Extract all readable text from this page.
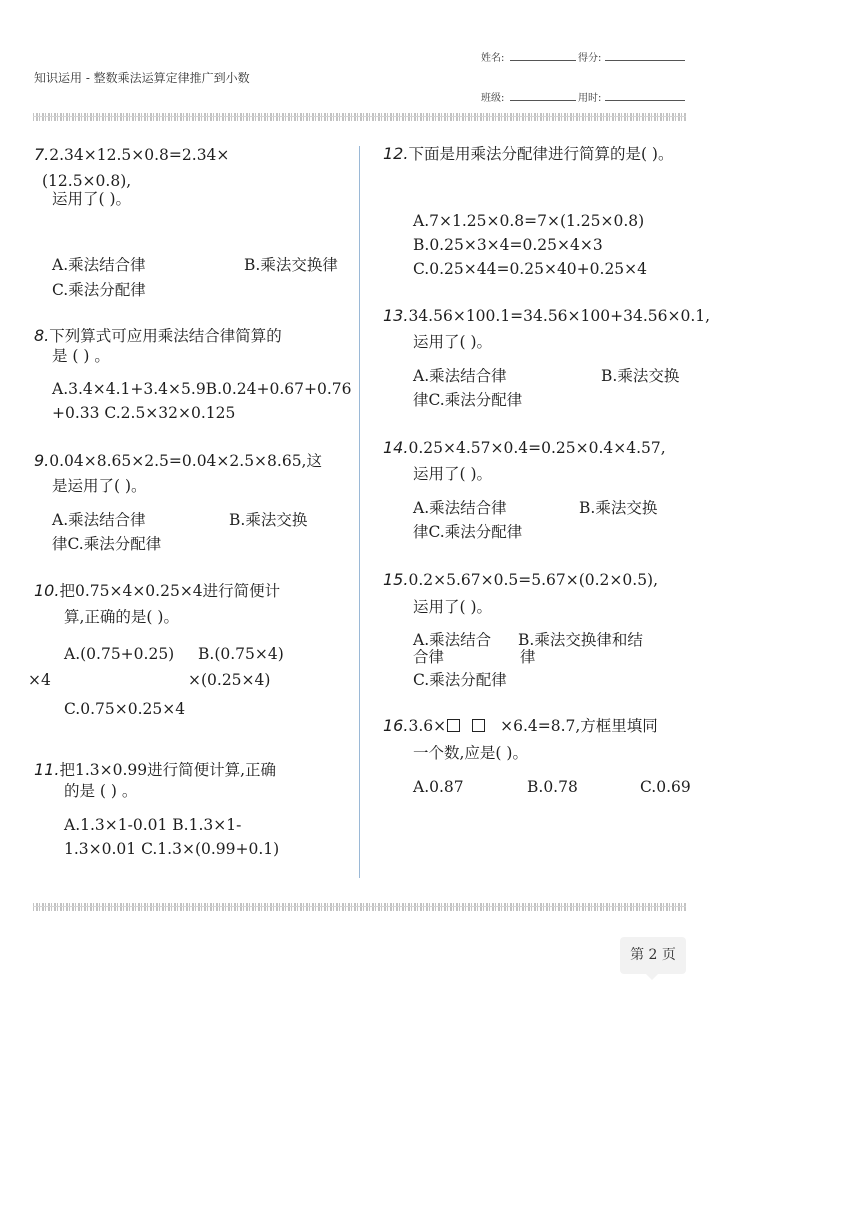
知识运用 - 整数乘法运算定律推广到小数
姓名:	得分:
班级:	用时:
7.2.34×12.5×0.8=2.34×
(12.5×0.8),
运用了( )。
A.乘法结合律	B.乘法交换律
C.乘法分配律
8.下列算式可应用乘法结合律简算的
是 ( ) 。
A.3.4×4.1+3.4×5.9B.0.24+0.67+0.76
+0.33 C.2.5×32×0.125
9.0.04×8.65×2.5=0.04×2.5×8.65,这
是运用了( )。
A.乘法结合律	B.乘法交换
律C.乘法分配律
10.把0.75×4×0.25×4进行简便计
算,正确的是( )。
A.(0.75+0.25) B.(0.75×4)
×4	×(0.25×4)
C.0.75×0.25×4
11.把1.3×0.99进行简便计算,正确
的是 ( ) 。
A.1.3×1-0.01 B.1.3×1-
1.3×0.01 C.1.3×(0.99+0.1)
12.下面是用乘法分配律进行简算的是( )。
A.7×1.25×0.8=7×(1.25×0.8)
B.0.25×3×4=0.25×4×3
C.0.25×44=0.25×40+0.25×4
13.34.56×100.1=34.56×100+34.56×0.1,
运用了( )。
A.乘法结合律	B.乘法交换
律C.乘法分配律
14.0.25×4.57×0.4=0.25×0.4×4.57,
运用了( )。
A.乘法结合律	B.乘法交换
律C.乘法分配律
15.0.2×5.67×0.5=5.67×(0.2×0.5),
运用了( )。
A.乘法结合 B.乘法交换律和结
合律	律
C.乘法分配律
16.3.6×	×6.4=8.7,方框里填同
一个数,应是( )。
A.0.87	B.0.78	C.0.69
第 2 页
